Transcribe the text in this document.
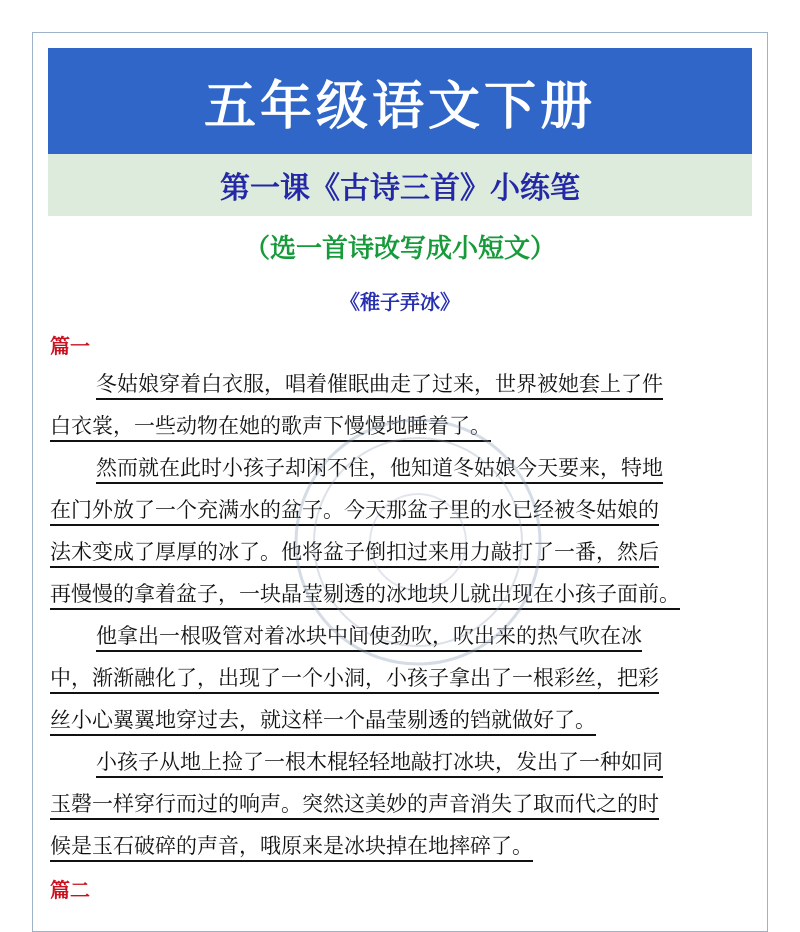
五年级语文下册
第一课《古诗三首》小练笔
（选一首诗改写成小短文）
《稚子弄冰》
篇一
冬姑娘穿着白衣服，唱着催眠曲走了过来，世界被她套上了件
白衣裳，一些动物在她的歌声下慢慢地睡着了。
然而就在此时小孩子却闲不住，他知道冬姑娘今天要来，特地
在门外放了一个充满水的盆子。今天那盆子里的水已经被冬姑娘的
法术变成了厚厚的冰了。他将盆子倒扣过来用力敲打了一番，然后
再慢慢的拿着盆子，一块晶莹剔透的冰地块儿就出现在小孩子面前。
他拿出一根吸管对着冰块中间使劲吹，吹出来的热气吹在冰
中，渐渐融化了，出现了一个小洞，小孩子拿出了一根彩丝，把彩
丝小心翼翼地穿过去，就这样一个晶莹剔透的铛就做好了。
小孩子从地上捡了一根木棍轻轻地敲打冰块，发出了一种如同
玉磬一样穿行而过的响声。突然这美妙的声音消失了取而代之的时
候是玉石破碎的声音，哦原来是冰块掉在地摔碎了。
篇二
